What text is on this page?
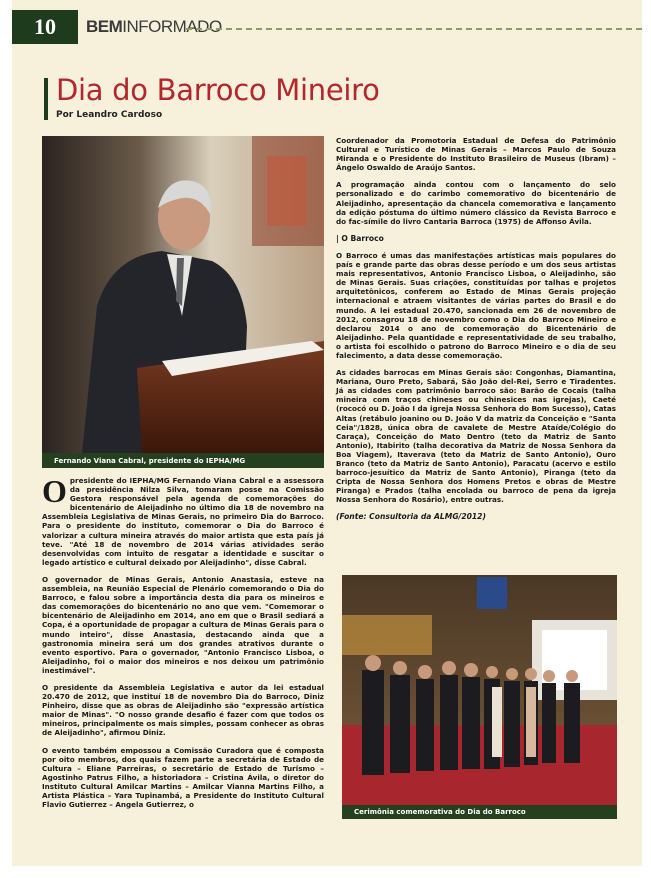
10	BEMINFORMADO
Dia do Barroco Mineiro
Por Leandro Cardoso
Fernando Viana Cabral, presidente do IEPHA/MG

Opresidente do IEPHA/MG Fernando Viana Cabral e a assessora da presidência Nilza Silva, tomaram posse na Comissão Gestora responsável pela agenda de comemorações do bicentenário de Aleijadinho no último dia 18 de novembro na Assembleia Legislativa de Minas Gerais, no primeiro Dia do Barroco. Para o presidente do instituto, comemorar o Dia do Barroco é valorizar a cultura mineira através do maior artista que esta país já teve. "Até 18 de novembro de 2014 várias atividades serão desenvolvidas com intuito de resgatar a identidade e suscitar o legado artístico e cultural deixado por Aleijadinho", disse Cabral.

O governador de Minas Gerais, Antonio Anastasia, esteve na assembleia, na Reunião Especial de Plenário comemorando o Dia do Barroco, e falou sobre a importância desta dia para os mineiros e das comemorações do bicentenário no ano que vem. "Comemorar o bicentenário de Aleijadinho em 2014, ano em que o Brasil sediará a Copa, é a oportunidade de propagar a cultura de Minas Gerais para o mundo inteiro", disse Anastasia, destacando ainda que a gastronomia mineira será um dos grandes atrativos durante o evento esportivo. Para o governador, "Antonio Francisco Lisboa, o Aleijadinho, foi o maior dos mineiros e nos deixou um patrimônio inestimável".

O presidente da Assembleia Legislativa e autor da lei estadual 20.470 de 2012, que instituí 18 de novembro Dia do Barroco, Diniz Pinheiro, disse que as obras de Aleijadinho são "expressão artística maior de Minas". "O nosso grande desafio é fazer com que todos os mineiros, principalmente os mais simples, possam conhecer as obras de Aleijadinho", afirmou Diniz.

O evento também empossou a Comissão Curadora que é composta por oito membros, dos quais fazem parte a secretária de Estado de Cultura – Eliane Parreiras, o secretário de Estado de Turismo – Agostinho Patrus Filho, a historiadora – Cristina Ávila, o diretor do Instituto Cultural Amilcar Martins – Amilcar Vianna Martins Filho, a Artista Plástica – Yara Tupinambá, a Presidente do Instituto Cultural Flavio Gutierrez – Angela Gutierrez, o

Coordenador da Promotoria Estadual de Defesa do Patrimônio Cultural e Turístico de Minas Gerais – Marcos Paulo de Souza Miranda e o Presidente do Instituto Brasileiro de Museus (Ibram) – Ângelo Oswaldo de Araújo Santos.

A programação ainda contou com o lançamento do selo personalizado e do carimbo comemorativo do bicentenário de Aleijadinho, apresentação da chancela comemorativa e lançamento da edição póstuma do último número clássico da Revista Barroco e do fac-símile do livro Cantaria Barroca (1975) de Affonso Ávila.

| O Barroco

O Barroco é umas das manifestações artísticas mais populares do país e grande parte das obras desse período e um dos seus artistas mais representativos, Antonio Francisco Lisboa, o Aleijadinho, são de Minas Gerais. Suas criações, constituídas por talhas e projetos arquitetônicos, conferem ao Estado de Minas Gerais projeção internacional e atraem visitantes de várias partes do Brasil e do mundo. A lei estadual 20.470, sancionada em 26 de novembro de 2012, consagrou 18 de novembro como o Dia do Barroco Mineiro e declarou 2014 o ano de comemoração do Bicentenário de Aleijadinho. Pela quantidade e representatividade de seu trabalho, o artista foi escolhido o patrono do Barroco Mineiro e o dia de seu falecimento, a data desse comemoração.

As cidades barrocas em Minas Gerais são: Congonhas, Diamantina, Mariana, Ouro Preto, Sabará, São João del-Rei, Serro e Tiradentes. Já as cidades com patrimônio barroco são: Barão de Cocais (talha mineira com traços chineses ou chinesices nas igrejas), Caeté (rococó ou D. João I da igreja Nossa Senhora do Bom Sucesso), Catas Altas (retábulo joanino ou D. João V da matriz da Conceição e "Santa Ceia"/1828, única obra de cavalete de Mestre Ataíde/Colégio do Caraça), Conceição do Mato Dentro (teto da Matriz de Santo Antonio), Itabirito (talha decorativa da Matriz de Nossa Senhora da Boa Viagem), Itaverava (teto da Matriz de Santo Antonio), Ouro Branco (teto da Matriz de Santo Antonio), Paracatu (acervo e estilo barroco-jesuítico da Matriz de Santo Antonio), Piranga (teto da Cripta de Nossa Senhora dos Homens Pretos e obras de Mestre Piranga) e Prados (talha encolada ou barroco de pena da igreja Nossa Senhora do Rosário), entre outras.

(Fonte: Consultoria da ALMG/2012)

Cerimônia comemorativa do Dia do Barroco
